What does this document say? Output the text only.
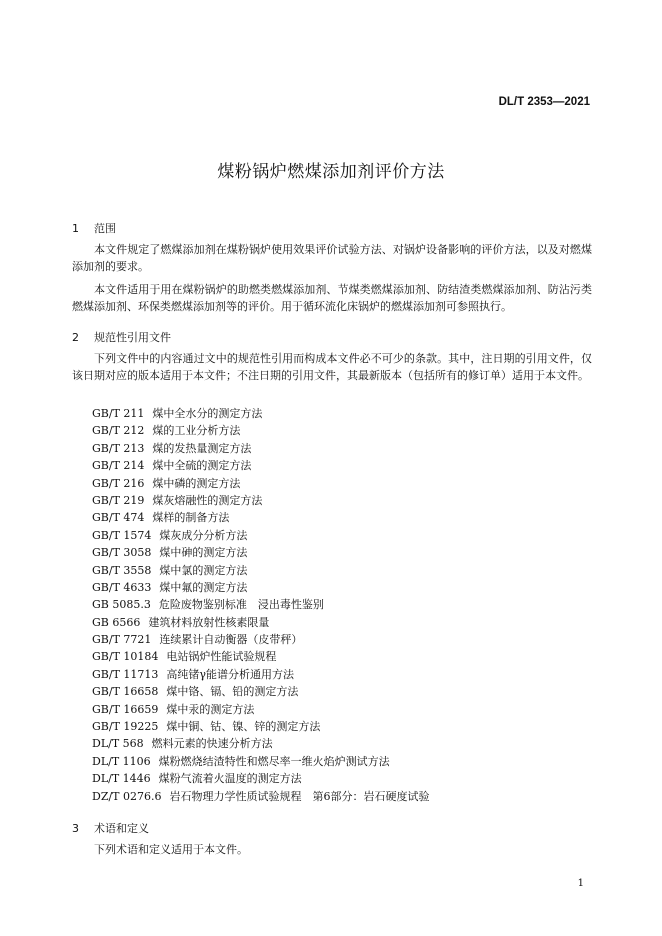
DL/T 2353—2021
煤粉锅炉燃煤添加剂评价方法
1 范围
本文件规定了燃煤添加剂在煤粉锅炉使用效果评价试验方法、对锅炉设备影响的评价方法，以及对燃煤添加剂的要求。
本文件适用于用在煤粉锅炉的助燃类燃煤添加剂、节煤类燃煤添加剂、防结渣类燃煤添加剂、防沾污类燃煤添加剂、环保类燃煤添加剂等的评价。用于循环流化床锅炉的燃煤添加剂可参照执行。
2 规范性引用文件
下列文件中的内容通过文中的规范性引用而构成本文件必不可少的条款。其中，注日期的引用文件，仅该日期对应的版本适用于本文件；不注日期的引用文件，其最新版本（包括所有的修订单）适用于本文件。
GB/T 211 煤中全水分的测定方法
GB/T 212 煤的工业分析方法
GB/T 213 煤的发热量测定方法
GB/T 214 煤中全硫的测定方法
GB/T 216 煤中磷的测定方法
GB/T 219 煤灰熔融性的测定方法
GB/T 474 煤样的制备方法
GB/T 1574 煤灰成分分析方法
GB/T 3058 煤中砷的测定方法
GB/T 3558 煤中氯的测定方法
GB/T 4633 煤中氟的测定方法
GB 5085.3 危险废物鉴别标准　浸出毒性鉴别
GB 6566 建筑材料放射性核素限量
GB/T 7721 连续累计自动衡器（皮带秤）
GB/T 10184 电站锅炉性能试验规程
GB/T 11713 高纯锗γ能谱分析通用方法
GB/T 16658 煤中铬、镉、铅的测定方法
GB/T 16659 煤中汞的测定方法
GB/T 19225 煤中铜、钴、镍、锌的测定方法
DL/T 568 燃料元素的快速分析方法
DL/T 1106 煤粉燃烧结渣特性和燃尽率一维火焰炉测试方法
DL/T 1446 煤粉气流着火温度的测定方法
DZ/T 0276.6 岩石物理力学性质试验规程　第6部分：岩石硬度试验
3 术语和定义
下列术语和定义适用于本文件。
1
